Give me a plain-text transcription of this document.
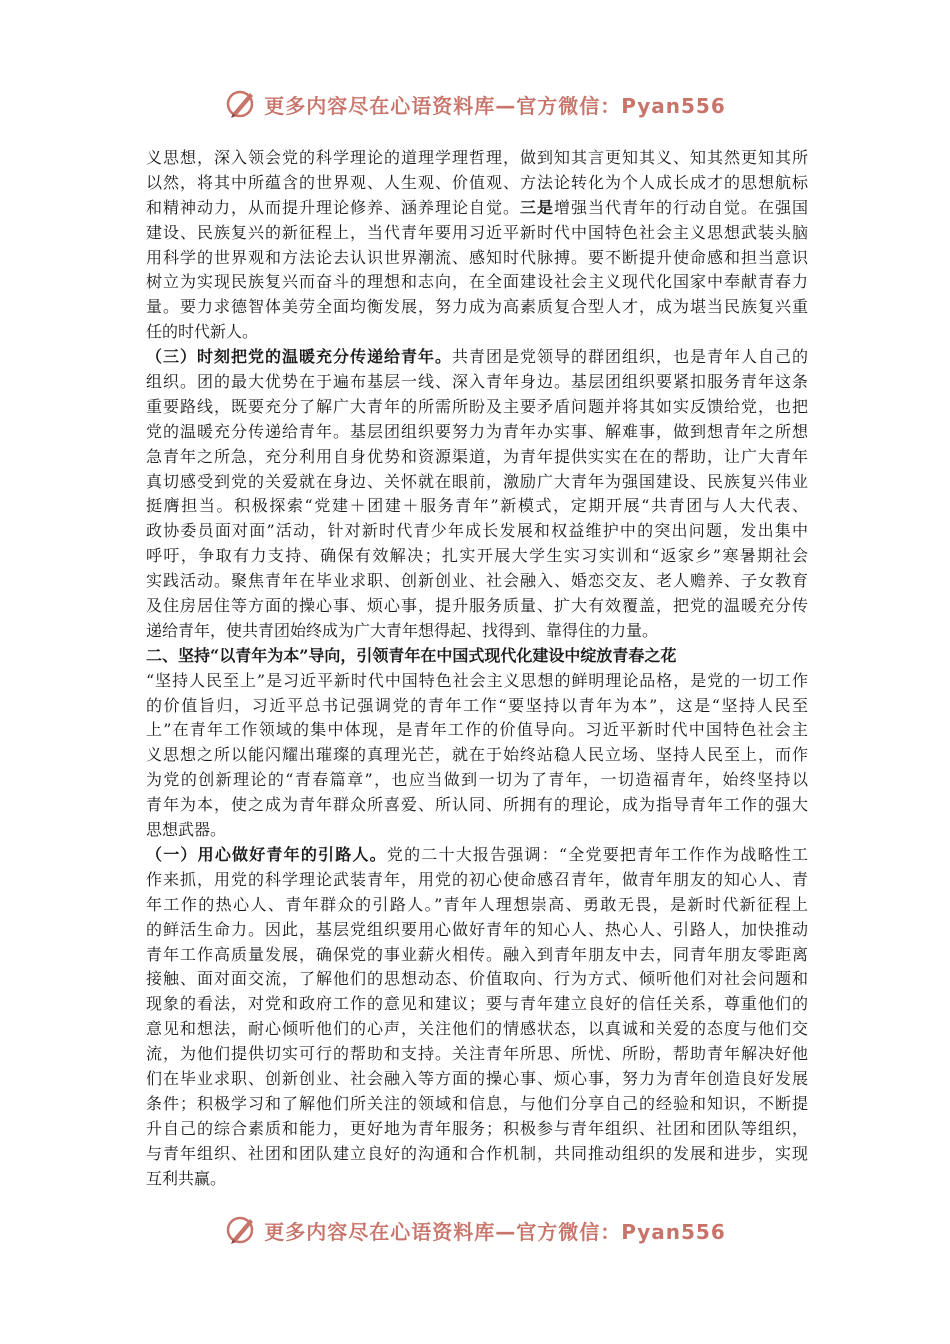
更多内容尽在心语资料库—官方微信：Pyan556
义思想，深入领会党的科学理论的道理学理哲理，做到知其言更知其义、知其然更知其所
以然，将其中所蕴含的世界观、人生观、价值观、方法论转化为个人成长成才的思想航标
和精神动力，从而提升理论修养、涵养理论自觉。三是增强当代青年的行动自觉。在强国
建设、民族复兴的新征程上，当代青年要用习近平新时代中国特色社会主义思想武装头脑
用科学的世界观和方法论去认识世界潮流、感知时代脉搏。要不断提升使命感和担当意识
树立为实现民族复兴而奋斗的理想和志向，在全面建设社会主义现代化国家中奉献青春力
量。要力求德智体美劳全面均衡发展，努力成为高素质复合型人才，成为堪当民族复兴重
任的时代新人。
（三）时刻把党的温暖充分传递给青年。共青团是党领导的群团组织，也是青年人自己的
组织。团的最大优势在于遍布基层一线、深入青年身边。基层团组织要紧扣服务青年这条
重要路线，既要充分了解广大青年的所需所盼及主要矛盾问题并将其如实反馈给党，也把
党的温暖充分传递给青年。基层团组织要努力为青年办实事、解难事，做到想青年之所想
急青年之所急，充分利用自身优势和资源渠道，为青年提供实实在在的帮助，让广大青年
真切感受到党的关爱就在身边、关怀就在眼前，激励广大青年为强国建设、民族复兴伟业
挺膺担当。积极探索“党建＋团建＋服务青年”新模式，定期开展“共青团与人大代表、
政协委员面对面”活动，针对新时代青少年成长发展和权益维护中的突出问题，发出集中
呼吁，争取有力支持、确保有效解决；扎实开展大学生实习实训和“返家乡”寒暑期社会
实践活动。聚焦青年在毕业求职、创新创业、社会融入、婚恋交友、老人赡养、子女教育
及住房居住等方面的操心事、烦心事，提升服务质量、扩大有效覆盖，把党的温暖充分传
递给青年，使共青团始终成为广大青年想得起、找得到、靠得住的力量。
二、坚持“以青年为本”导向，引领青年在中国式现代化建设中绽放青春之花
“坚持人民至上”是习近平新时代中国特色社会主义思想的鲜明理论品格，是党的一切工作
的价值旨归，习近平总书记强调党的青年工作“要坚持以青年为本”，这是“坚持人民至
上”在青年工作领域的集中体现，是青年工作的价值导向。习近平新时代中国特色社会主
义思想之所以能闪耀出璀璨的真理光芒，就在于始终站稳人民立场、坚持人民至上，而作
为党的创新理论的“青春篇章”，也应当做到一切为了青年，一切造福青年，始终坚持以
青年为本，使之成为青年群众所喜爱、所认同、所拥有的理论，成为指导青年工作的强大
思想武器。
（一）用心做好青年的引路人。党的二十大报告强调：“全党要把青年工作作为战略性工
作来抓，用党的科学理论武装青年，用党的初心使命感召青年，做青年朋友的知心人、青
年工作的热心人、青年群众的引路人。”青年人理想崇高、勇敢无畏，是新时代新征程上
的鲜活生命力。因此，基层党组织要用心做好青年的知心人、热心人、引路人，加快推动
青年工作高质量发展，确保党的事业薪火相传。融入到青年朋友中去，同青年朋友零距离
接触、面对面交流，了解他们的思想动态、价值取向、行为方式、倾听他们对社会问题和
现象的看法，对党和政府工作的意见和建议；要与青年建立良好的信任关系，尊重他们的
意见和想法，耐心倾听他们的心声，关注他们的情感状态，以真诚和关爱的态度与他们交
流，为他们提供切实可行的帮助和支持。关注青年所思、所忧、所盼，帮助青年解决好他
们在毕业求职、创新创业、社会融入等方面的操心事、烦心事，努力为青年创造良好发展
条件；积极学习和了解他们所关注的领域和信息，与他们分享自己的经验和知识，不断提
升自己的综合素质和能力，更好地为青年服务；积极参与青年组织、社团和团队等组织，
与青年组织、社团和团队建立良好的沟通和合作机制，共同推动组织的发展和进步，实现
互利共赢。
更多内容尽在心语资料库—官方微信：Pyan556
